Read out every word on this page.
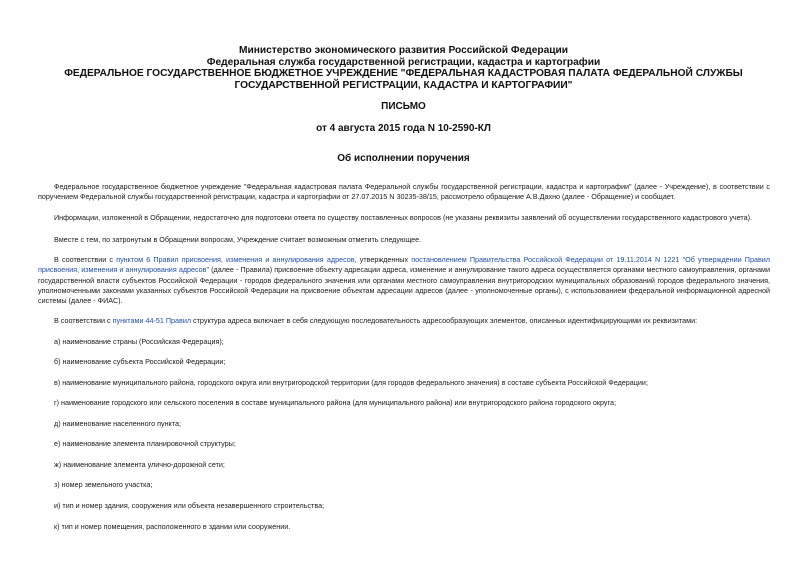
Министерство экономического развития Российской Федерации
Федеральная служба государственной регистрации, кадастра и картографии
ФЕДЕРАЛЬНОЕ ГОСУДАРСТВЕННОЕ БЮДЖЕТНОЕ УЧРЕЖДЕНИЕ "ФЕДЕРАЛЬНАЯ КАДАСТРОВАЯ ПАЛАТА ФЕДЕРАЛЬНОЙ СЛУЖБЫ ГОСУДАРСТВЕННОЙ РЕГИСТРАЦИИ, КАДАСТРА И КАРТОГРАФИИ"
ПИСЬМО
от 4 августа 2015 года N 10-2590-КЛ
Об исполнении поручения

Федеральное государственное бюджетное учреждение "Федеральная кадастровая палата Федеральной службы государственной регистрации, кадастра и картографии" (далее - Учреждение), в соответствии с поручением Федеральной службы государственной регистрации, кадастра и картографии от 27.07.2015 N 30235-38/15, рассмотрело обращение А.В.Дахно (далее - Обращение) и сообщает.

Информации, изложенной в Обращении, недостаточно для подготовки ответа по существу поставленных вопросов (не указаны реквизиты заявлений об осуществлении государственного кадастрового учета).

Вместе с тем, по затронутым в Обращении вопросам, Учреждение считает возможным отметить следующее.

В соответствии с пунктом 6 Правил присвоения, изменения и аннулирования адресов, утвержденных постановлением Правительства Российской Федерации от 19.11.2014 N 1221 "Об утверждении Правил присвоения, изменения и аннулирования адресов" (далее - Правила) присвоение объекту адресации адреса, изменение и аннулирование такого адреса осуществляется органами местного самоуправления, органами государственной власти субъектов Российской Федерации - городов федерального значения или органами местного самоуправления внутригородских муниципальных образований городов федерального значения, уполномоченными законами указанных субъектов Российской Федерации на присвоение объектам адресации адресов (далее - уполномоченные органы), с использованием федеральной информационной адресной системы (далее - ФИАС).

В соответствии с пунктами 44-51 Правил структура адреса включает в себя следующую последовательность адресообразующих элементов, описанных идентифицирующими их реквизитами:

а) наименование страны (Российская Федерация);

б) наименование субъекта Российской Федерации;

в) наименование муниципального района, городского округа или внутригородской территории (для городов федерального значения) в составе субъекта Российской Федерации;

г) наименование городского или сельского поселения в составе муниципального района (для муниципального района) или внутригородского района городского округа;

д) наименование населенного пункта;

е) наименование элемента планировочной структуры;

ж) наименование элемента улично-дорожной сети;

з) номер земельного участка;

и) тип и номер здания, сооружения или объекта незавершенного строительства;

к) тип и номер помещения, расположенного в здании или сооружении.
